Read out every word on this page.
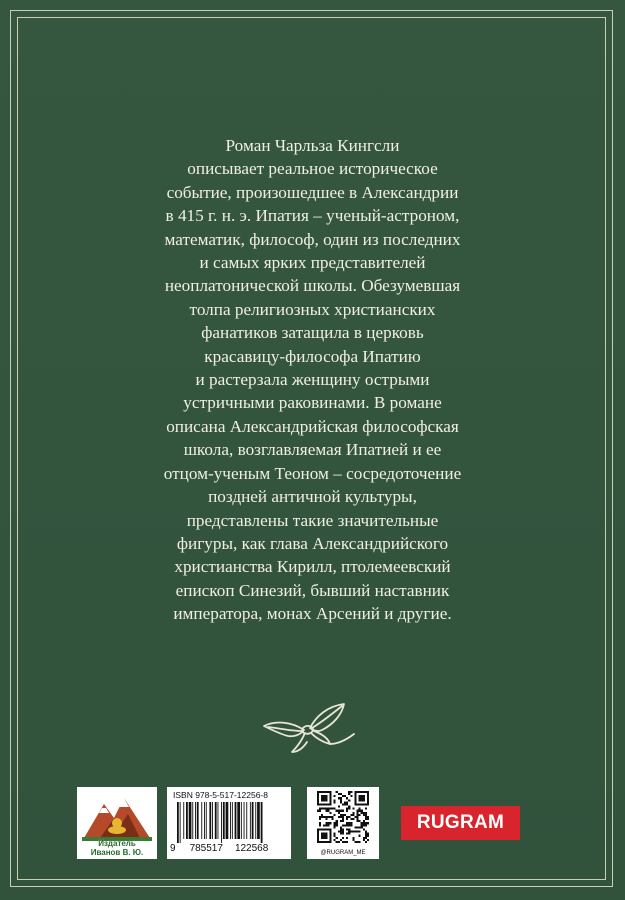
Роман Чарльза Кингсли
описывает реальное историческое
событие, произошедшее в Александрии
в 415 г. н. э. Ипатия – ученый-астроном,
математик, философ, один из последних
и самых ярких представителей
неоплатонической школы. Обезумевшая
толпа религиозных христианских
фанатиков затащила в церковь
красавицу-философа Ипатию
и растерзала женщину острыми
устричными раковинами. В романе
описана Александрийская философская
школа, возглавляемая Ипатией и ее
отцом-ученым Теоном – сосредоточение
поздней античной культуры,
представлены такие значительные
фигуры, как глава Александрийского
христианства Кирилл, птолемеевский
епископ Синезий, бывший наставник
императора, монах Арсений и другие.

Издатель
Иванов В. Ю.
ISBN 978-5-517-12256-8
9 785517 122568	@RUGRAM_ME
RUGRAM
